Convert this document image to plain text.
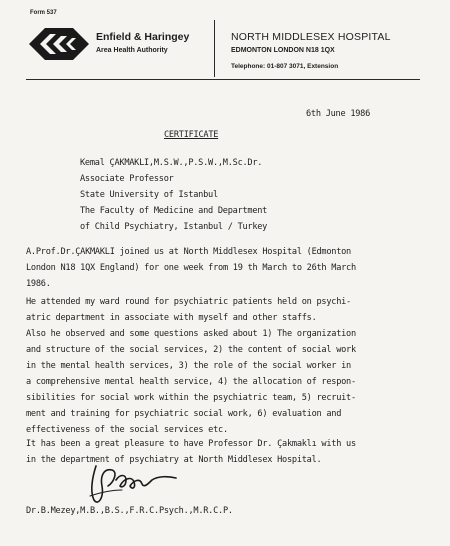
Form 537
Enfield & Haringey
Area Health Authority
NORTH MIDDLESEX HOSPITAL
EDMONTON LONDON N18 1QX
Telephone: 01-807 3071, Extension
6th June 1986
CERTIFICATE
Kemal ÇAKMAKLI,M.S.W.,P.S.W.,M.Sc.Dr.
Associate Professor
State University of Istanbul
The Faculty of Medicine and Department
of Child Psychiatry, Istanbul / Turkey
A.Prof.Dr.ÇAKMAKLI joined us at North Middlesex Hospital (Edmonton
London N18 1QX England) for one week from 19 th March to 26th March
1986.
He attended my ward round for psychiatric patients held on psychi-
atric department in associate with myself and other staffs.
Also he observed and some questions asked about 1) The organization
and structure of the social services, 2) the content of social work
in the mental health services, 3) the role of the social worker in
a comprehensive mental health service, 4) the allocation of respon-
sibilities for social work within the psychiatric team, 5) recruit-
ment and training for psychiatric social work, 6) evaluation and
effectiveness of the social services etc.
It has been a great pleasure to have Professor Dr. Çakmaklı with us
in the department of psychiatry at North Middlesex Hospital.
Dr.B.Mezey,M.B.,B.S.,F.R.C.Psych.,M.R.C.P.
